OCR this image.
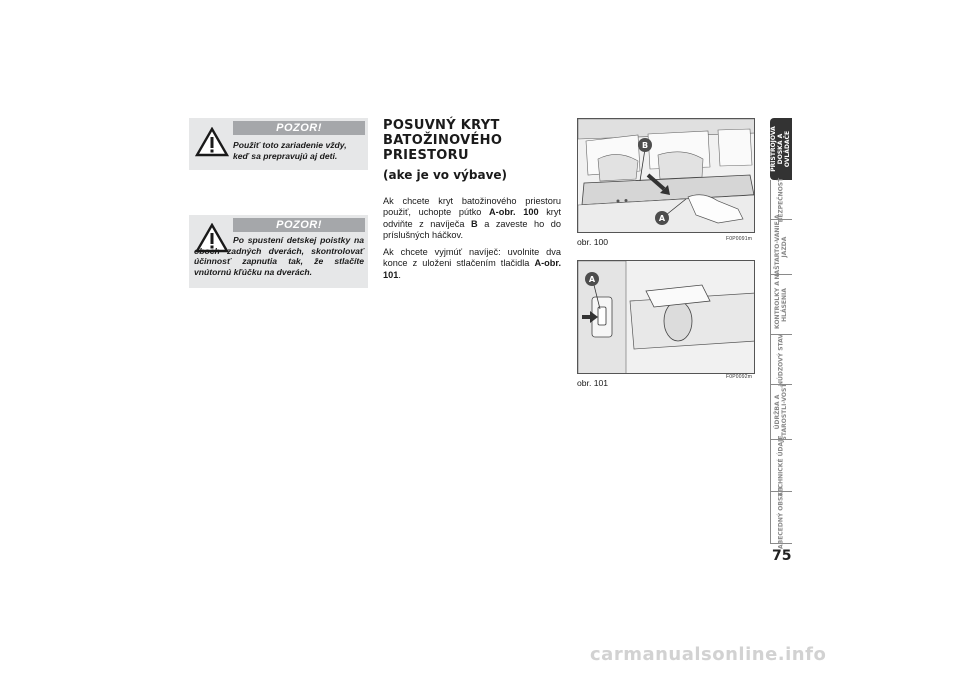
POZOR!
Použiť toto zariadenie vždy, keď sa prepravujú aj deti.
POZOR!
Po spustení detskej poistky na oboch zadných dverách, skontrolovať účinnosť zapnutia tak, že stlačíte vnútornú kľúčku na dverách.
POSUVNÝ KRYT BATOŽINOVÉHO PRIESTORU
(ake je vo výbave)
Ak chcete kryt batožinového priestoru použiť, uchopte pútko A-obr. 100 kryt odviňte z navíječa B a zaveste ho do príslušných háčkov.
Ak chcete vyjmúť navíječ: uvolnite dva konce z uloženi stlačením tlačidla A-obr. 101.
B
A
obr. 100	F0P0091m
A
obr. 101
F0P0092m
PRÍSTROJOVÁ DOSKA A OVLÁDAČE
BEZPEČNOSŤ
NAŠTARTO-VANIE A JAZDA
KONTROLKY A HLÁSENIA
NÚDZOVÝ STAV
ÚDRŽBA A STAROSTLI-VOSŤ
TECHNICKÉ ÚDAJE
ABECEDNÝ OBSAH
75
carmanualsonline.info
